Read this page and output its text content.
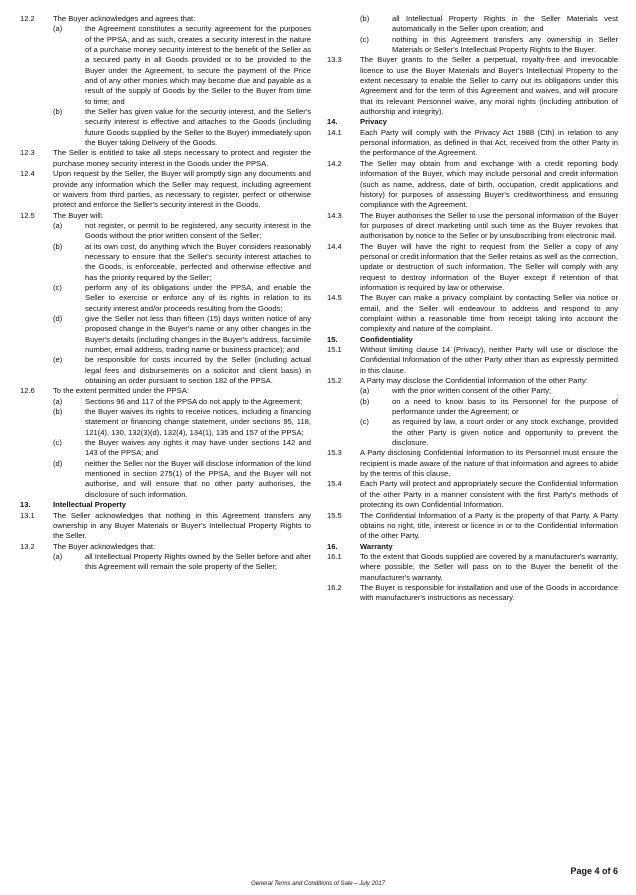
12.2	The Buyer acknowledges and agrees that:
(a)	the Agreement constitutes a security agreement for the purposes of the PPSA, and as such, creates a security interest in the nature of a purchase money security interest to the benefit of the Seller as a secured party in all Goods provided or to be provided to the Buyer under the Agreement, to secure the payment of the Price and of any other monies which may become due and payable as a result of the supply of Goods by the Seller to the Buyer from time to time; and
(b)	the Seller has given value for the security interest, and the Seller's security interest is effective and attaches to the Goods (including future Goods supplied by the Seller to the Buyer) immediately upon the Buyer taking Delivery of the Goods.
12.3	The Seller is entitled to take all steps necessary to protect and register the purchase money security interest in the Goods under the PPSA.
12.4	Upon request by the Seller, the Buyer will promptly sign any documents and provide any information which the Seller may request, including agreement or waivers from third parties, as necessary to register, perfect or otherwise protect and enforce the Seller's security interest in the Goods.
12.5	The Buyer will:
(a)	not register, or permit to be registered, any security interest in the Goods without the prior written consent of the Seller;
(b)	at its own cost, do anything which the Buyer considers reasonably necessary to ensure that the Seller's security interest attaches to the Goods, is enforceable, perfected and otherwise effective and has the priority required by the Seller;
(c)	perform any of its obligations under the PPSA, and enable the Seller to exercise or enforce any of its rights in relation to its security interest and/or proceeds resulting from the Goods;
(d)	give the Seller not less than fifteen (15) days written notice of any proposed change in the Buyer's name or any other changes in the Buyer's details (including changes in the Buyer's address, facsimile number, email address, trading name or business practice); and
(e)	be responsible for costs incurred by the Seller (including actual legal fees and disbursements on a solicitor and client basis) in obtaining an order pursuant to section 182 of the PPSA.
12.6	To the extent permitted under the PPSA:
(a)	Sections 96 and 117 of the PPSA do not apply to the Agreement;
(b)	the Buyer waives its rights to receive notices, including a financing statement or financing change statement, under sections 95, 118, 121(4), 130, 132(3)(d), 132(4), 134(1), 135 and 157 of the PPSA;
(c)	the Buyer waives any rights it may have under sections 142 and 143 of the PPSA; and
(d)	neither the Seller nor the Buyer will disclose information of the kind mentioned in section 275(1) of the PPSA, and the Buyer will not authorise, and will ensure that no other party authorises, the disclosure of such information.
13.	Intellectual Property
13.1	The Seller acknowledges that nothing in this Agreement transfers any ownership in any Buyer Materials or Buyer's Intellectual Property Rights to the Seller.
13.2	The Buyer acknowledges that:
(a)	all Intellectual Property Rights owned by the Seller before and after this Agreement will remain the sole property of the Seller;
(b)	all Intellectual Property Rights in the Seller Materials vest automatically in the Seller upon creation; and
(c)	nothing in this Agreement transfers any ownership in Seller Materials or Seller's Intellectual Property Rights to the Buyer.
13.3	The Buyer grants to the Seller a perpetual, royalty-free and irrevocable licence to use the Buyer Materials and Buyer's Intellectual Property to the extent necessary to enable the Seller to carry out its obligations under this Agreement and for the term of this Agreement and waives, and will procure that its relevant Personnel waive, any moral rights (including attribution of authorship and integrity).
14.	Privacy
14.1	Each Party will comply with the Privacy Act 1988 (Cth) in relation to any personal information, as defined in that Act, received from the other Party in the performance of the Agreement.
14.2	The Seller may obtain from and exchange with a credit reporting body information of the Buyer, which may include personal and credit information (such as name, address, date of birth, occupation, credit applications and history) for purposes of assessing Buyer's creditworthiness and ensuring compliance with the Agreement.
14.3	The Buyer authorises the Seller to use the personal information of the Buyer for purposes of direct marketing until such time as the Buyer revokes that authorisation by notice to the Seller or by unsubscribing from electronic mail.
14.4	The Buyer will have the right to request from the Seller a copy of any personal or credit information that the Seller retains as well as the correction, update or destruction of such information. The Seller will comply with any request to destroy information of the Buyer except if retention of that information is required by law or otherwise.
14.5	The Buyer can make a privacy complaint by contacting Seller via notice or email, and the Seller will endeavour to address and respond to any complaint within a reasonable time from receipt taking into account the complexity and nature of the complaint.
15.	Confidentiality
15.1	Without limiting clause 14 (Privacy), neither Party will use or disclose the Confidential Information of the other Party other than as expressly permitted in this clause.
15.2	A Party may disclose the Confidential Information of the other Party:
(a)	with the prior written consent of the other Party;
(b)	on a need to know basis to its Personnel for the purpose of performance under the Agreement; or
(c)	as required by law, a court order or any stock exchange, provided the other Party is given notice and opportunity to prevent the disclosure.
15.3	A Party disclosing Confidential Information to its Personnel must ensure the recipient is made aware of the nature of that information and agrees to abide by the terms of this clause.
15.4	Each Party will protect and appropriately secure the Confidential Information of the other Party in a manner consistent with the first Party's methods of protecting its own Confidential Information.
15.5	The Confidential Information of a Party is the property of that Party. A Party obtains no right, title, interest or licence in or to the Confidential Information of the other Party.
16.	Warranty
16.1	To the extent that Goods supplied are covered by a manufacturer's warranty, where possible, the Seller will pass on to the Buyer the benefit of the manufacturer's warranty.
16.2	The Buyer is responsible for installation and use of the Goods in accordance with manufacturer's instructions as necessary.
Page 4 of 6
General Terms and Conditions of Sale – July 2017
